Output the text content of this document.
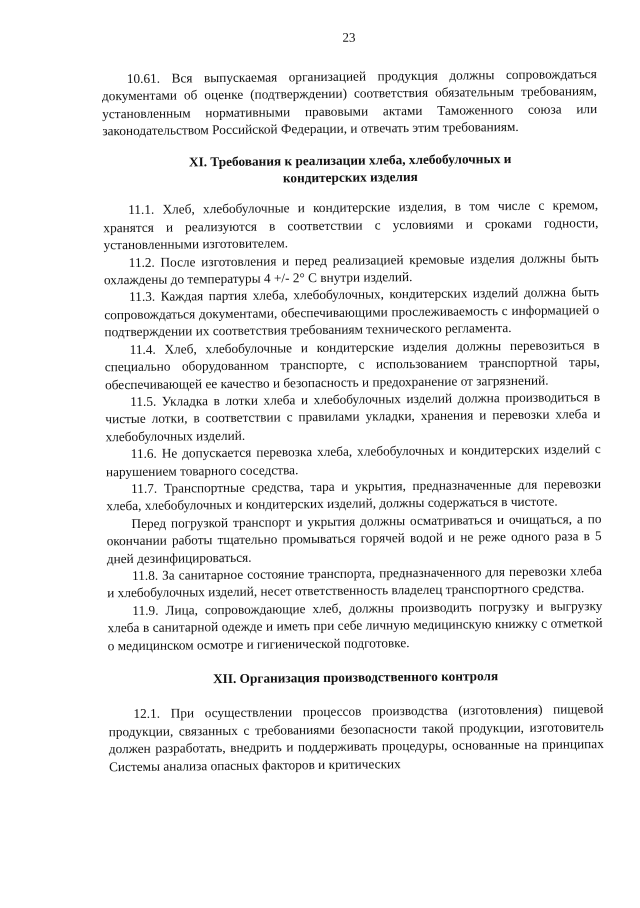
23

10.61. Вся выпускаемая организацией продукция должны сопровождаться документами об оценке (подтверждении) соответствия обязательным требованиям, установленным нормативными правовыми актами Таможенного союза или законодательством Российской Федерации, и отвечать этим требованиям.

XI. Требования к реализации хлеба, хлебобулочных и кондитерских изделия

11.1. Хлеб, хлебобулочные и кондитерские изделия, в том числе с кремом, хранятся и реализуются в соответствии с условиями и сроками годности, установленными изготовителем.

11.2. После изготовления и перед реализацией кремовые изделия должны быть охлаждены до температуры 4 +/- 2° С внутри изделий.

11.3. Каждая партия хлеба, хлебобулочных, кондитерских изделий должна быть сопровождаться документами, обеспечивающими прослеживаемость с информацией о подтверждении их соответствия требованиям технического регламента.

11.4. Хлеб, хлебобулочные и кондитерские изделия должны перевозиться в специально оборудованном транспорте, с использованием транспортной тары, обеспечивающей ее качество и безопасность и предохранение от загрязнений.

11.5. Укладка в лотки хлеба и хлебобулочных изделий должна производиться в чистые лотки, в соответствии с правилами укладки, хранения и перевозки хлеба и хлебобулочных изделий.

11.6. Не допускается перевозка хлеба, хлебобулочных и кондитерских изделий с нарушением товарного соседства.

11.7. Транспортные средства, тара и укрытия, предназначенные для перевозки хлеба, хлебобулочных и кондитерских изделий, должны содержаться в чистоте.

Перед погрузкой транспорт и укрытия должны осматриваться и очищаться, а по окончании работы тщательно промываться горячей водой и не реже одного раза в 5 дней дезинфицироваться.

11.8. За санитарное состояние транспорта, предназначенного для перевозки хлеба и хлебобулочных изделий, несет ответственность владелец транспортного средства.

11.9. Лица, сопровождающие хлеб, должны производить погрузку и выгрузку хлеба в санитарной одежде и иметь при себе личную медицинскую книжку с отметкой о медицинском осмотре и гигиенической подготовке.

XII. Организация производственного контроля

12.1. При осуществлении процессов производства (изготовления) пищевой продукции, связанных с требованиями безопасности такой продукции, изготовитель должен разработать, внедрить и поддерживать процедуры, основанные на принципах Системы анализа опасных факторов и критических
